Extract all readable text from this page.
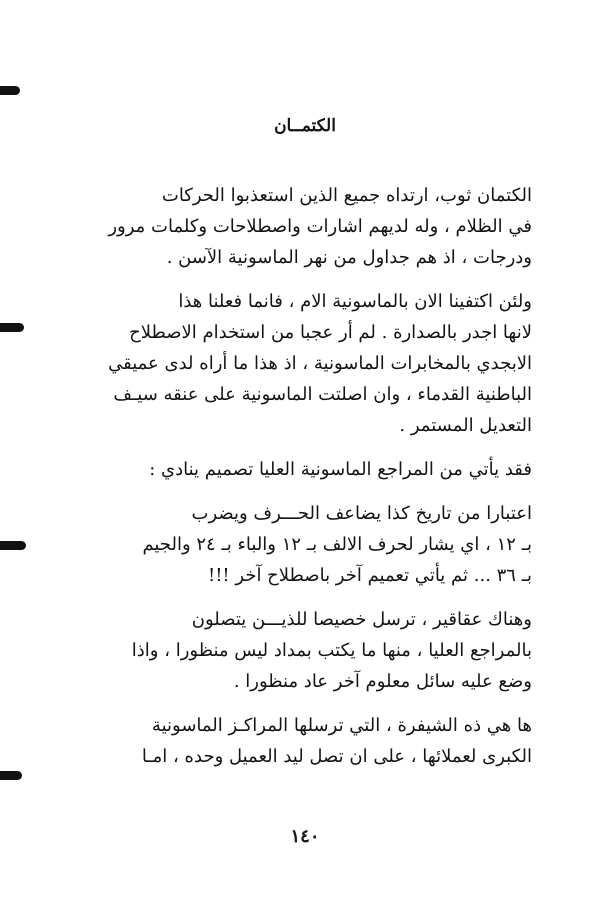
الكتمــان

الكتمان ثوب، ارتداه جميع الذين استعذبوا الحركات
في الظلام ، وله لديهم اشارات واصطلاحات وكلمات مرور
ودرجات ، اذ هم جداول من نهر الماسونية الآسن .

ولئن اكتفينا الان بالماسونية الام ، فانما فعلنا هذا
لانها اجدر بالصدارة . لم أر عجبا من استخدام الاصطلاح
الابجدي بالمخابرات الماسونية ، اذ هذا ما أراه لدى عميقي
الباطنية القدماء ، وان اصلتت الماسونية على عنقه سيـف
التعديل المستمر .

فقد يأتي من المراجع الماسونية العليا تصميم ينادي :

اعتبارا من تاريخ كذا يضاعف الحـــرف ويضرب
بـ ١٢ ، اي يشار لحرف الالف بـ ١٢ والباء بـ ٢٤ والجيم
بـ ٣٦ ... ثم يأتي تعميم آخر باصطلاح آخر !!!

وهناك عقاقير ، ترسل خصيصا للذيـــن يتصلون
بالمراجع العليا ، منها ما يكتب بمداد ليس منظورا ، واذا
وضع عليه سائل معلوم آخر عاد منظورا .

ها هي ذه الشيفرة ، التي ترسلها المراكـز الماسونية
الكبرى لعملائها ، على ان تصل ليد العميل وحده ، امـا

١٤٠
